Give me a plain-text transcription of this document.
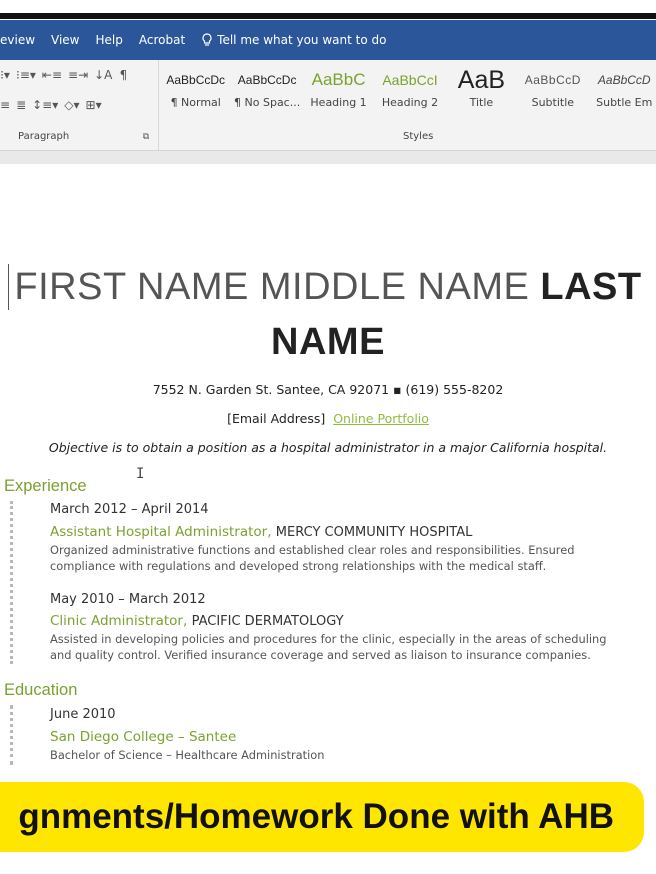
eview	View	Help	Acrobat	Tell me what you want to do
⁝▾ ⁝≡▾ ⇤≡ ≡⇥ ↓A ¶
≡ ≣ ↕≡▾ ◇▾ ⊞▾
Paragraph	⧉
AaBbCcDc
¶ Normal
AaBbCcDc
¶ No Spac...
AaBbC
Heading 1
AaBbCcI
Heading 2
AaB
Title
AaBbCcD
Subtitle
AaBbCcD
Subtle Em
Styles
FIRST NAME MIDDLE NAME LAST
NAME
7552 N. Garden St. Santee, CA 92071 ▪ (619) 555-8202
[Email Address] Online Portfolio
Objective is to obtain a position as a hospital administrator in a major California hospital.
I
Experience
March 2012 – April 2014
Assistant Hospital Administrator, MERCY COMMUNITY HOSPITAL
Organized administrative functions and established clear roles and responsibilities. Ensured compliance with regulations and developed strong relationships with the medical staff.
May 2010 – March 2012
Clinic Administrator, PACIFIC DERMATOLOGY
Assisted in developing policies and procedures for the clinic, especially in the areas of scheduling and quality control. Verified insurance coverage and served as liaison to insurance companies.
Education
June 2010
San Diego College – Santee
Bachelor of Science – Healthcare Administration
gnments/Homework Done with AHB
